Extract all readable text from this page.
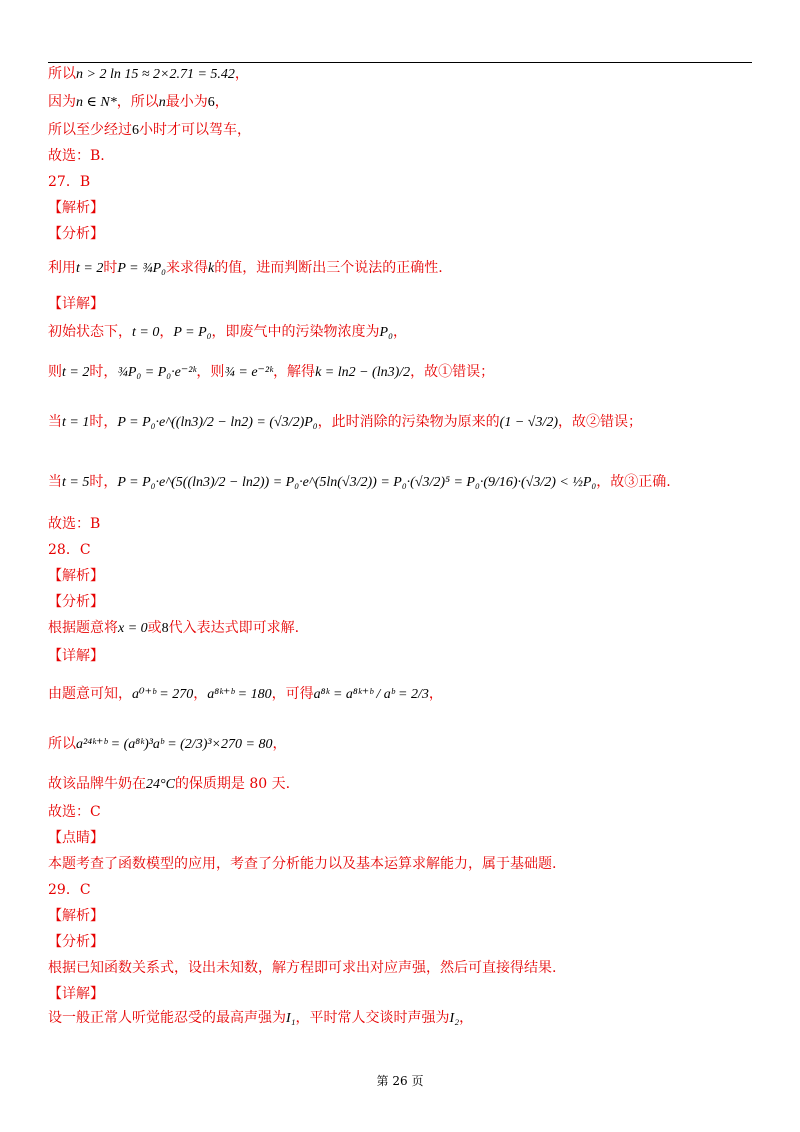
所以n > 2 ln 15 ≈ 2×2.71 = 5.42，
因为n ∈ N*，所以n最小为6，
所以至少经过6小时才可以驾车，
故选：B.
27．B
【解析】
【分析】
利用t = 2时P = ¾P₀来求得k的值，进而判断出三个说法的正确性.
【详解】
初始状态下，t = 0，P = P₀，即废气中的污染物浓度为P₀，
则t = 2时，¾P₀ = P₀·e⁻²ᵏ，则¾ = e⁻²ᵏ，解得k = ln2 − (ln3)/2，故①错误；
当t = 1时，P = P₀·e^((ln3)/2 − ln2) = (√3/2)P₀，此时消除的污染物为原来的(1 − √3/2)，故②错误；
当t = 5时，P = P₀·e^(5((ln3)/2 − ln2)) = P₀·e^(5ln(√3/2)) = P₀·(√3/2)⁵ = P₀·(9/16)·(√3/2) < ½P₀，故③正确.
故选：B
28．C
【解析】
【分析】
根据题意将x = 0或8代入表达式即可求解.
【详解】
由题意可知，a⁰⁺ᵇ = 270，a⁸ᵏ⁺ᵇ = 180，可得a⁸ᵏ = a⁸ᵏ⁺ᵇ / aᵇ = 2/3，
所以a²⁴ᵏ⁺ᵇ = (a⁸ᵏ)³aᵇ = (2/3)³×270 = 80，
故该品牌牛奶在24°C的保质期是 80 天.
故选：C
【点睛】
本题考查了函数模型的应用，考查了分析能力以及基本运算求解能力，属于基础题.
29．C
【解析】
【分析】
根据已知函数关系式，设出未知数，解方程即可求出对应声强，然后可直接得结果.
【详解】
设一般正常人听觉能忍受的最高声强为I₁，平时常人交谈时声强为I₂，
第 26 页
